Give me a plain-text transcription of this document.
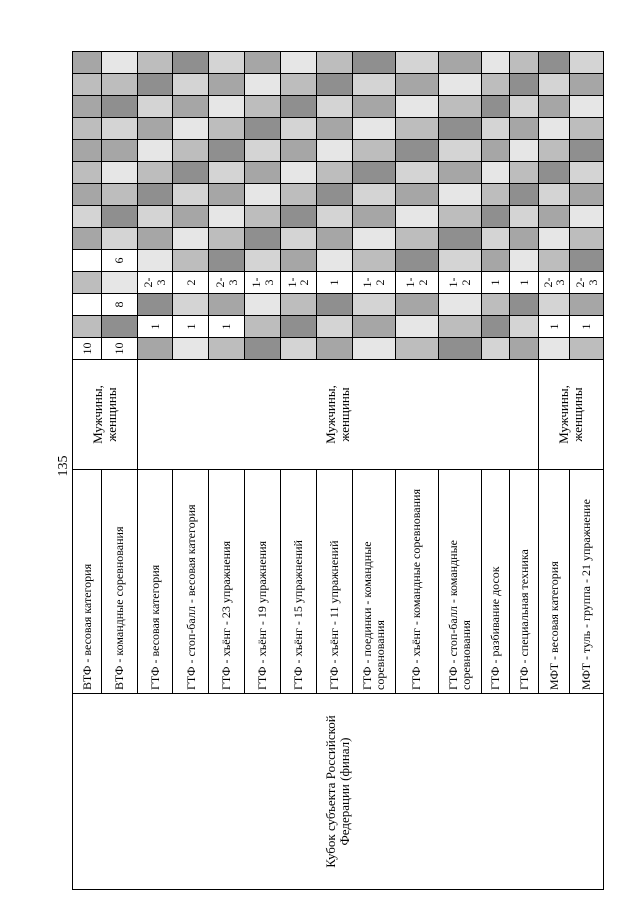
135
Кубок субъекта Российской Федерации (финал)	ВТФ - весовая категория	Мужчины, женщины	10													
	ВТФ - командные соревнования		10		8		6									
	ГТФ - весовая категория	Мужчины, женщины		1		2-3										
	ГТФ - стоп-балл - весовая категория			1		2										
	ГТФ - хъёнг - 23 упражнения			1		2-3										
	ГТФ - хъёнг - 19 упражнения					1-3										
	ГТФ - хъёнг - 15 упражнений					1-2										
	ГТФ - хъёнг - 11 упражнений					1										
	ГТФ - поединки - командные соревнования					1-2										
	ГТФ - хъёнг - командные соревнования					1-2										
	ГТФ - стоп-балл - командные соревнования					1-2										
	ГТФ - разбивание досок					1										
	ГТФ - специальная техника					1										
	МФТ - весовая категория	Мужчины, женщины		1		2-3										
	МФТ - туль - группа - 21 упражнение			1		2-3										
